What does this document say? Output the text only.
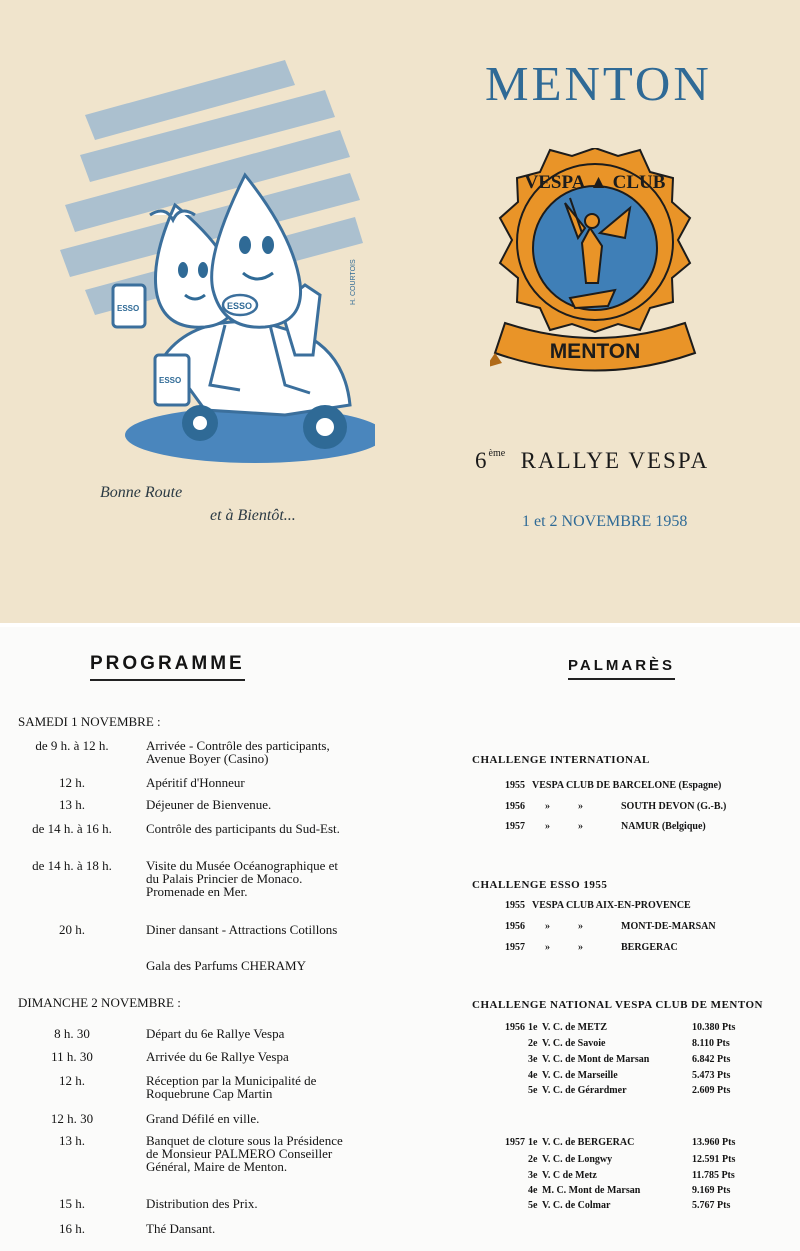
ESSO
ESSO	ESSO
H. COURTOIS
MENTON
VESPA ▲ CLUB
MENTON
6ème RALLYE VESPA
1 et 2 NOVEMBRE 1958
Bonne Route
et à Bientôt...
PROGRAMME
SAMEDI 1 NOVEMBRE :
de 9 h. à 12 h.	Arrivée - Contrôle des participants, Avenue Boyer (Casino)
12 h.	Apéritif d'Honneur
13 h.	Déjeuner de Bienvenue.
de 14 h. à 16 h.	Contrôle des participants du Sud-Est.
de 14 h. à 18 h.	Visite du Musée Océanographique et du Palais Princier de Monaco. Promenade en Mer.
20 h.	Diner dansant - Attractions Cotillons
Gala des Parfums CHERAMY
DIMANCHE 2 NOVEMBRE :
8 h. 30	Départ du 6e Rallye Vespa
11 h. 30	Arrivée du 6e Rallye Vespa
12 h.	Réception par la Municipalité de Roquebrune Cap Martin
12 h. 30	Grand Défilé en ville.
13 h.	Banquet de cloture sous la Présidence de Monsieur PALMERO Conseiller Général, Maire de Menton.
15 h.	Distribution des Prix.
16 h.	Thé Dansant.
PALMARÈS
CHALLENGE INTERNATIONAL
1955 VESPA CLUB DE BARCELONE (Espagne)
1956 »	»	SOUTH DEVON (G.-B.)
1957 »	»	NAMUR (Belgique)
CHALLENGE ESSO 1955
1955 VESPA CLUB AIX-EN-PROVENCE
1956 »	»	MONT-DE-MARSAN
1957 »	»	BERGERAC
CHALLENGE NATIONAL VESPA CLUB DE MENTON
1956 1e V. C. de METZ	10.380 Pts
2e V. C. de Savoie	8.110 Pts
3e V. C. de Mont de Marsan	6.842 Pts
4e V. C. de Marseille	5.473 Pts
5e V. C. de Gérardmer	2.609 Pts
1957 1e V. C. de BERGERAC	13.960 Pts
2e V. C. de Longwy	12.591 Pts
3e V. C de Metz	11.785 Pts
4e M. C. Mont de Marsan	9.169 Pts
5e V. C. de Colmar	5.767 Pts
